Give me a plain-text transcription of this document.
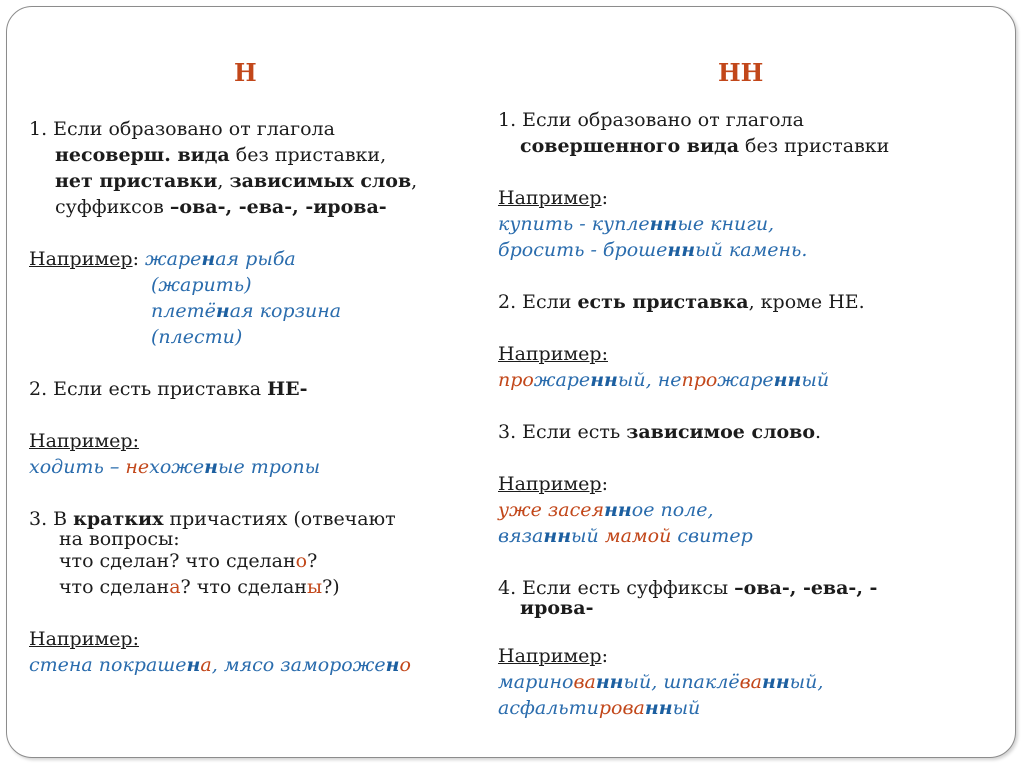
Н	НН
1. Если образовано от глагола
несоверш. вида без приставки,
нет приставки, зависимых слов,
суффиксов –ова-, -ева-, -ирова-
Например: жареная рыба
(жарить)
плетёная корзина
(плести)
2. Если есть приставка НЕ-
Например:
ходить – нехоженые тропы
3. В кратких причастиях (отвечают
на вопросы:
что сделан? что сделано?
что сделана? что сделаны?)
Например:
стена покрашена, мясо заморожено
1. Если образовано от глагола
совершенного вида без приставки
Например:
купить - купленные книги,
бросить - брошенный камень.
2. Если есть приставка, кроме НЕ.
Например:
прожаренный, непрожаренный
3. Если есть зависимое слово.
Например:
уже засеянное поле,
вязанный мамой свитер
4. Если есть суффиксы –ова-, -ева-, -
ирова-
Например:
маринованный, шпаклёванный,
асфальтированный
